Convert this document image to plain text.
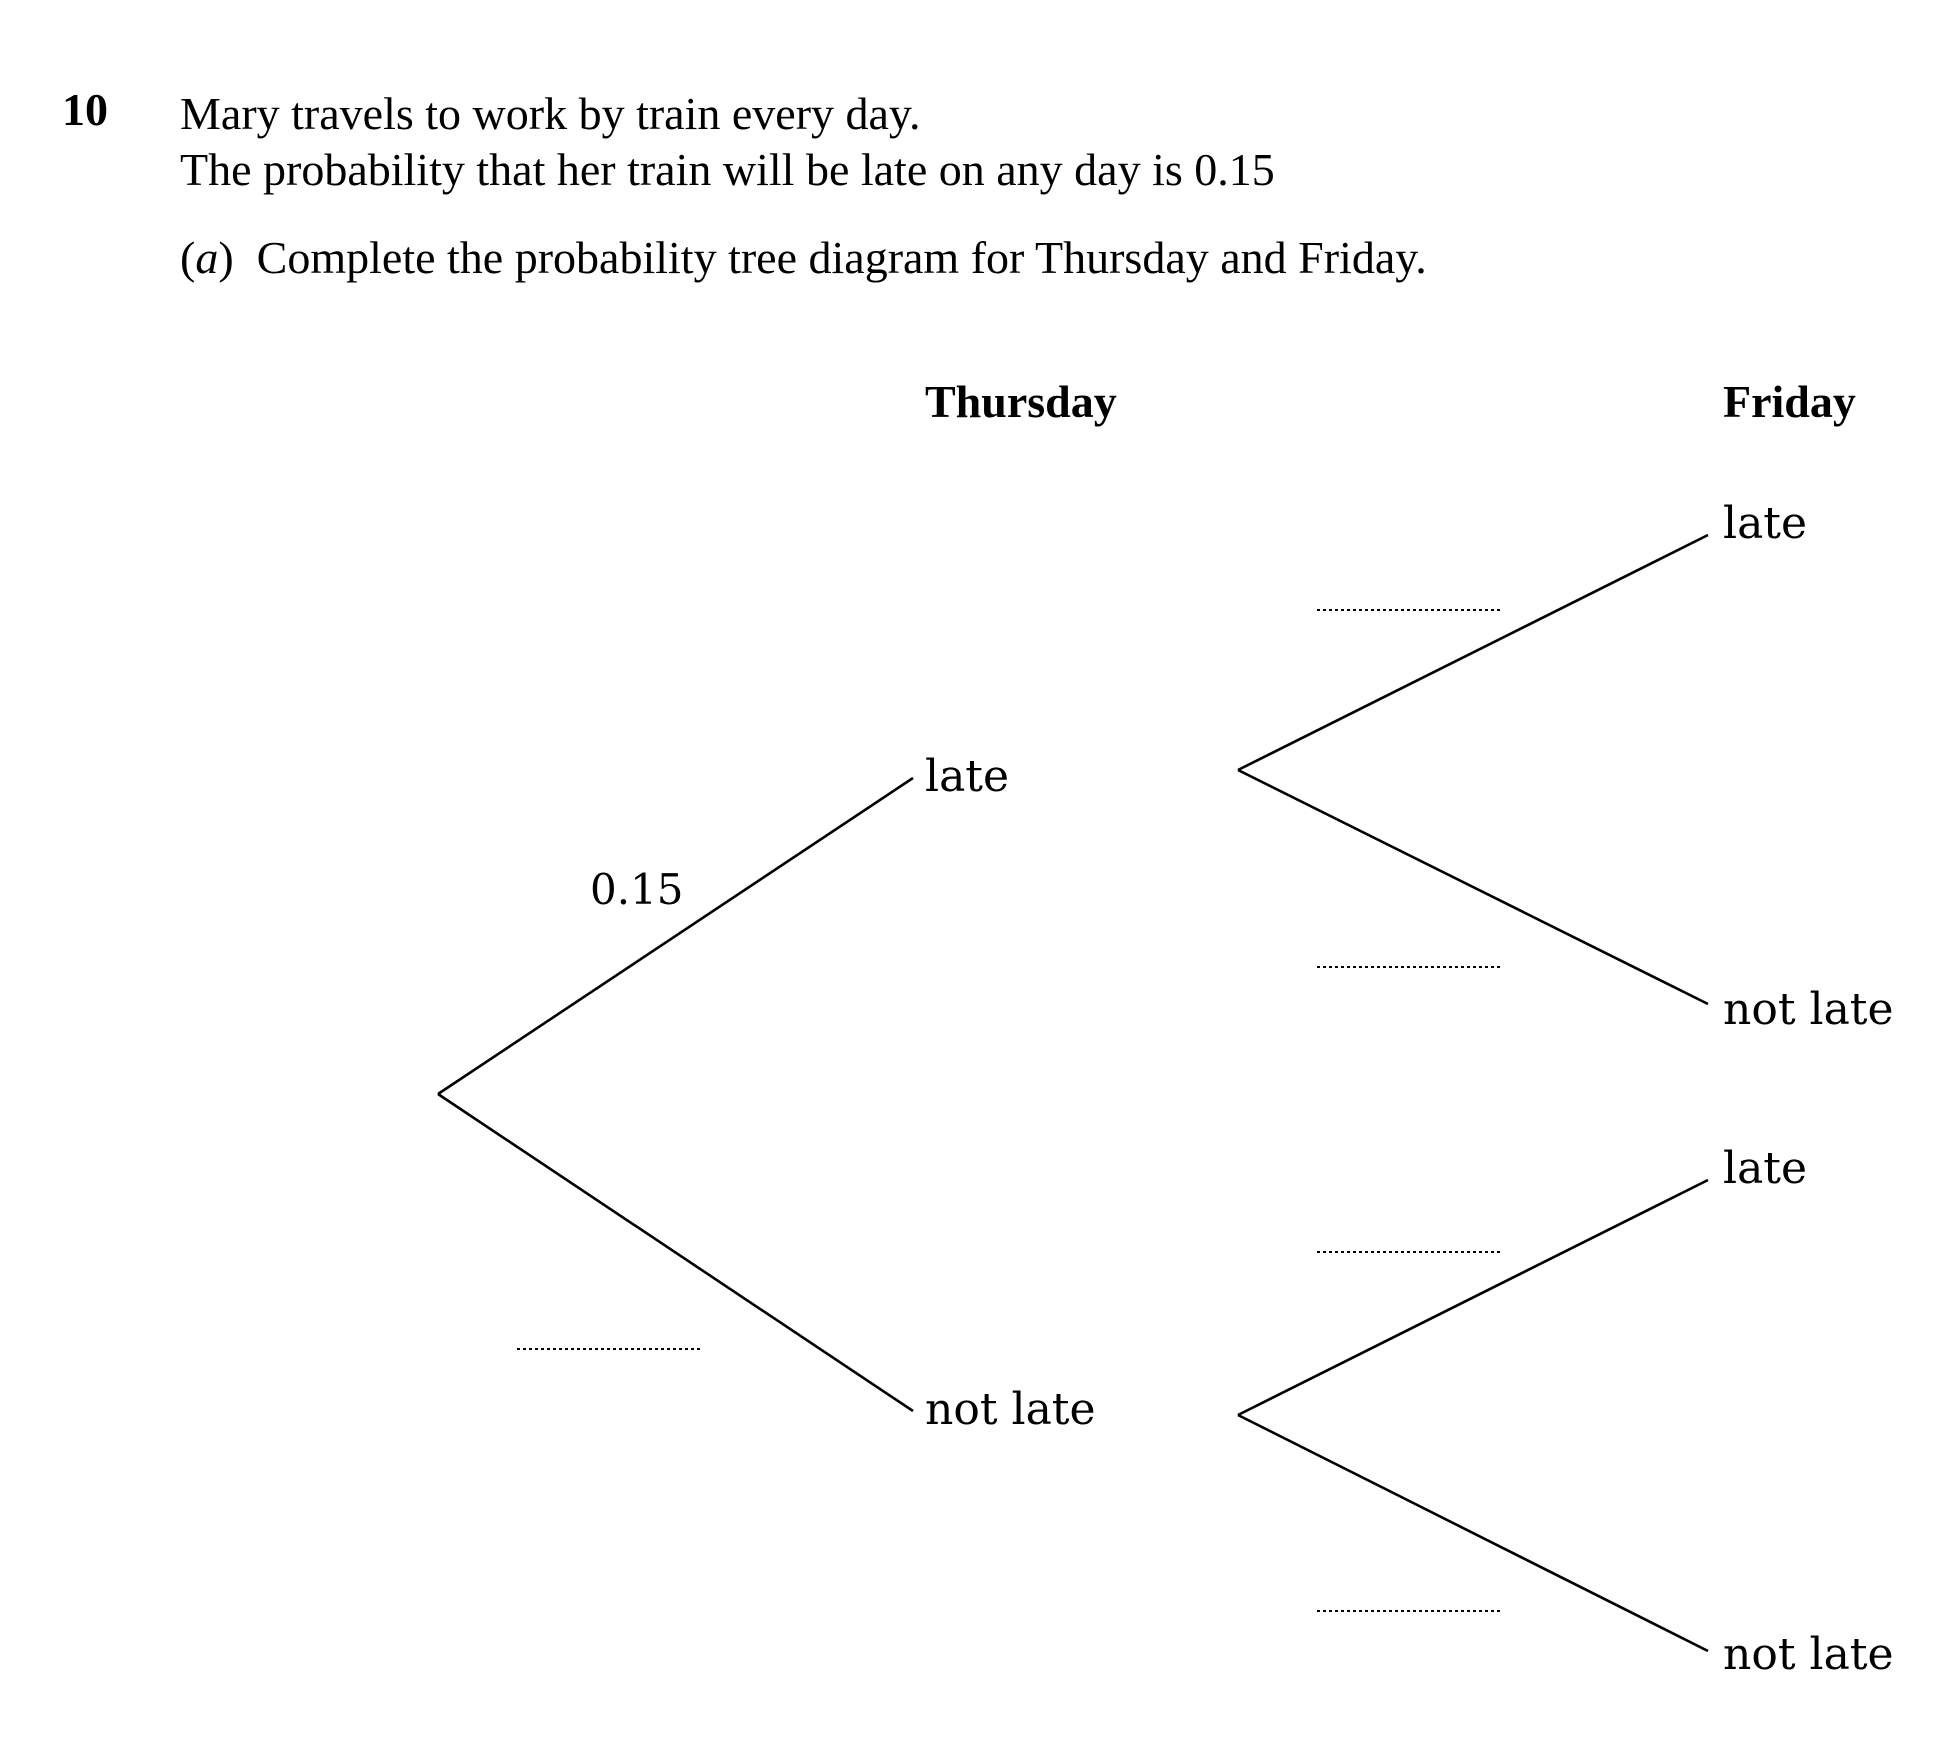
10 Mary travels to work by train every day.
The probability that her train will be late on any day is 0.15
(a) Complete the probability tree diagram for Thursday and Friday.
Thursday	Friday
late
not late
0.15
late
not late
late
not late
